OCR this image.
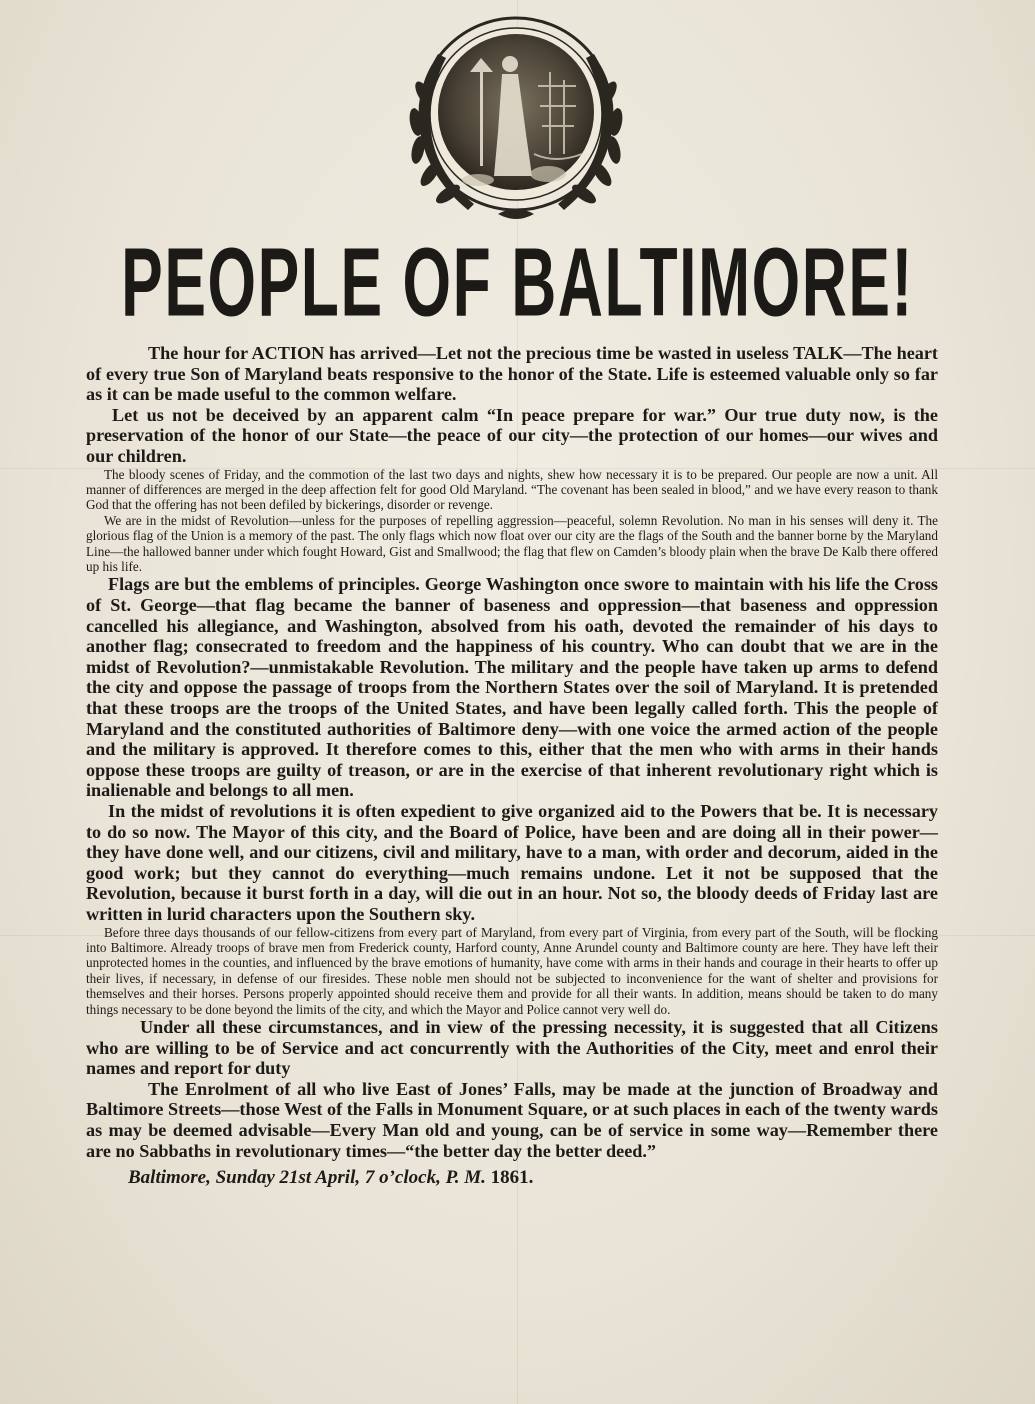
PEOPLE OF BALTIMORE!

The hour for ACTION has arrived—Let not the precious time be wasted in useless TALK—The heart of every true Son of Maryland beats responsive to the honor of the State. Life is esteemed valuable only so far as it can be made useful to the common welfare.

Let us not be deceived by an apparent calm “In peace prepare for war.” Our true duty now, is the preservation of the honor of our State—the peace of our city—the protection of our homes—our wives and our children.

The bloody scenes of Friday, and the commotion of the last two days and nights, shew how necessary it is to be prepared. Our people are now a unit. All manner of differences are merged in the deep affection felt for good Old Maryland. “The covenant has been sealed in blood,” and we have every reason to thank God that the offering has not been defiled by bickerings, disorder or revenge.

We are in the midst of Revolution—unless for the purposes of repelling aggression—peaceful, solemn Revolution. No man in his senses will deny it. The glorious flag of the Union is a memory of the past. The only flags which now float over our city are the flags of the South and the banner borne by the Maryland Line—the hallowed banner under which fought Howard, Gist and Smallwood; the flag that flew on Camden’s bloody plain when the brave De Kalb there offered up his life.

Flags are but the emblems of principles. George Washington once swore to maintain with his life the Cross of St. George—that flag became the banner of baseness and oppression—that baseness and oppression cancelled his allegiance, and Washington, absolved from his oath, devoted the remainder of his days to another flag; consecrated to freedom and the happiness of his country. Who can doubt that we are in the midst of Revolution?—unmistakable Revolution. The military and the people have taken up arms to defend the city and oppose the passage of troops from the Northern States over the soil of Maryland. It is pretended that these troops are the troops of the United States, and have been legally called forth. This the people of Maryland and the constituted authorities of Baltimore deny—with one voice the armed action of the people and the military is approved. It therefore comes to this, either that the men who with arms in their hands oppose these troops are guilty of treason, or are in the exercise of that inherent revolutionary right which is inalienable and belongs to all men.

In the midst of revolutions it is often expedient to give organized aid to the Powers that be. It is necessary to do so now. The Mayor of this city, and the Board of Police, have been and are doing all in their power—they have done well, and our citizens, civil and military, have to a man, with order and decorum, aided in the good work; but they cannot do everything—much remains undone. Let it not be supposed that the Revolution, because it burst forth in a day, will die out in an hour. Not so, the bloody deeds of Friday last are written in lurid characters upon the Southern sky.

Before three days thousands of our fellow-citizens from every part of Maryland, from every part of Virginia, from every part of the South, will be flocking into Baltimore. Already troops of brave men from Frederick county, Harford county, Anne Arundel county and Baltimore county are here. They have left their unprotected homes in the counties, and influenced by the brave emotions of humanity, have come with arms in their hands and courage in their hearts to offer up their lives, if necessary, in defense of our firesides. These noble men should not be subjected to inconvenience for the want of shelter and provisions for themselves and their horses. Persons properly appointed should receive them and provide for all their wants. In addition, means should be taken to do many things necessary to be done beyond the limits of the city, and which the Mayor and Police cannot very well do.

Under all these circumstances, and in view of the pressing necessity, it is suggested that all Citizens who are willing to be of Service and act concurrently with the Authorities of the City, meet and enrol their names and report for duty

The Enrolment of all who live East of Jones’ Falls, may be made at the junction of Broadway and Baltimore Streets—those West of the Falls in Monument Square, or at such places in each of the twenty wards as may be deemed advisable—Every Man old and young, can be of service in some way—Remember there are no Sabbaths in revolutionary times—“the better day the better deed.”

Baltimore, Sunday 21st April, 7 o’clock, P. M. 1861.
